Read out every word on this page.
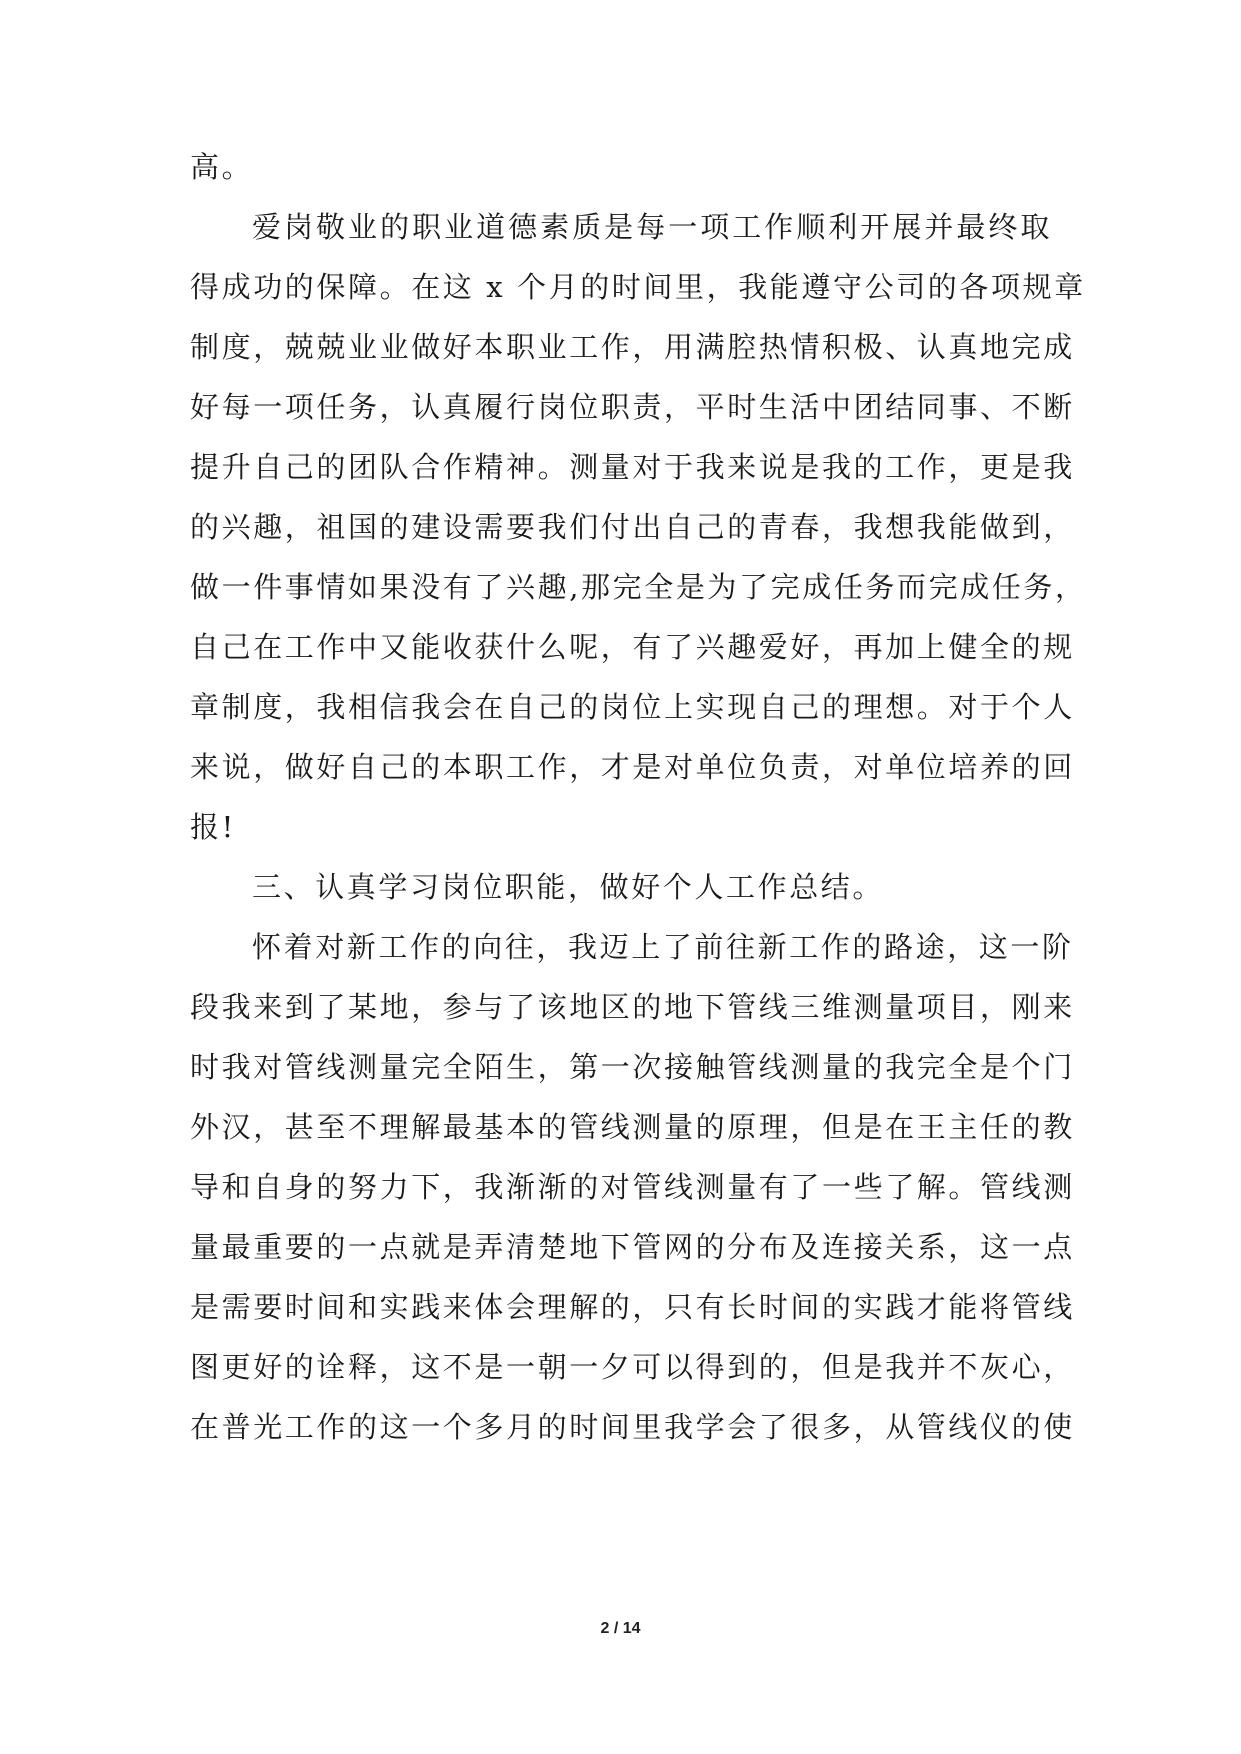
高。
爱岗敬业的职业道德素质是每一项工作顺利开展并最终取
得成功的保障。在这 x 个月的时间里，我能遵守公司的各项规章
制度，兢兢业业做好本职业工作，用满腔热情积极、认真地完成
好每一项任务，认真履行岗位职责，平时生活中团结同事、不断
提升自己的团队合作精神。测量对于我来说是我的工作，更是我
的兴趣，祖国的建设需要我们付出自己的青春，我想我能做到，
做一件事情如果没有了兴趣,那完全是为了完成任务而完成任务，
自己在工作中又能收获什么呢，有了兴趣爱好，再加上健全的规
章制度，我相信我会在自己的岗位上实现自己的理想。对于个人
来说，做好自己的本职工作，才是对单位负责，对单位培养的回
报!
三、认真学习岗位职能，做好个人工作总结。
怀着对新工作的向往，我迈上了前往新工作的路途，这一阶
段我来到了某地，参与了该地区的地下管线三维测量项目，刚来
时我对管线测量完全陌生，第一次接触管线测量的我完全是个门
外汉，甚至不理解最基本的管线测量的原理，但是在王主任的教
导和自身的努力下，我渐渐的对管线测量有了一些了解。管线测
量最重要的一点就是弄清楚地下管网的分布及连接关系，这一点
是需要时间和实践来体会理解的，只有长时间的实践才能将管线
图更好的诠释，这不是一朝一夕可以得到的，但是我并不灰心，
在普光工作的这一个多月的时间里我学会了很多，从管线仪的使
2 / 14
